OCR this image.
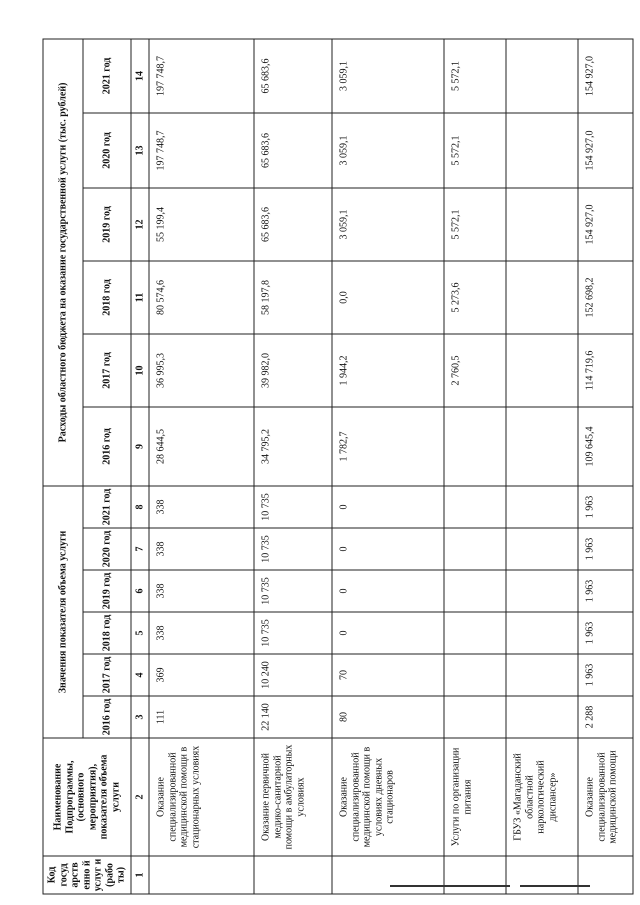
Код госуд арств енно й услуг и (рабо ты)	Наименование Подпрограммы, (основного мероприятия), показателя объема услуги	Значения показателя объема услуги						Расходы областного бюджета на оказание государственной услуги (тыс. рублей)					
		2016 год	2017 год	2018 год	2019 год	2020 год	2021 год	2016 год	2017 год	2018 год	2019 год	2020 год	2021 год
1	2	3	4	5	6	7	8	9	10	11	12	13	14
	Оказание специализированной медицинской помощи в стационарных условиях	111	369	338	338	338	338	28 644,5	36 995,3	80 574,6	55 199,4	197 748,7	197 748,7
	Оказание первичной медико-санитарной помощи в амбулаторных условиях	22 140	10 240	10 735	10 735	10 735	10 735	34 795,2	39 982,0	58 197,8	65 683,6	65 683,6	65 683,6
	Оказание специализированной медицинской помощи в условиях дневных стационаров	80	70	0	0	0	0	1 782,7	1 944,2	0,0	3 059,1	3 059,1	3 059,1
	Услуги по организации питания								2 760,5	5 273,6	5 572,1	5 572,1	5 572,1
	ГБУЗ «Магаданский областной наркологический диспансер»												
	Оказание специализированной медицинской помощи	2 288	1 963	1 963	1 963	1 963	1 963	109 645,4	114 719,6	152 698,2	154 927,0	154 927,0	154 927,0
